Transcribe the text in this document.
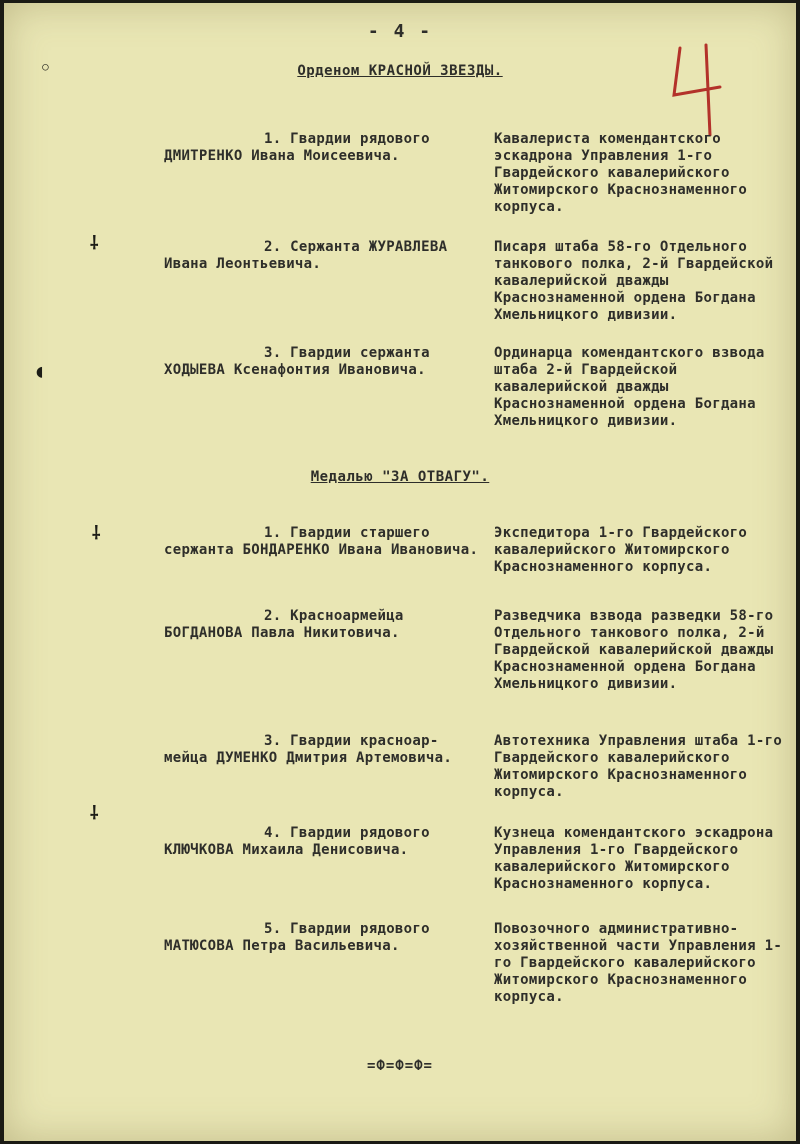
◦
⸸
◖
⸸
⸸
- 4 -
Орденом КРАСНОЙ ЗВЕЗДЫ.
1. Гвардии рядового
ДМИТРЕНКО Ивана Моисеевича.
Кавалериста комендантского эскадрона Управления 1-го Гвардейского кавалерийского Житомирского Краснознаменного корпуса.
2. Сержанта ЖУРАВЛЕВА
Ивана Леонтьевича.
Писаря штаба 58-го Отдельного танкового полка, 2-й Гвардейской кавалерийской дважды Краснознаменной ордена Богдана Хмельницкого дивизии.
3. Гвардии сержанта
ХОДЫЕВА Ксенафонтия Ивановича.
Ординарца комендантского взвода штаба 2-й Гвардейской кавалерийской дважды Краснознаменной ордена Богдана Хмельницкого дивизии.
Медалью "ЗА ОТВАГУ".
1. Гвардии старшего
сержанта БОНДАРЕНКО Ивана Ивановича.
Экспедитора 1-го Гвардейского кавалерийского Житомирского Краснознаменного корпуса.
2. Красноармейца
БОГДАНОВА Павла Никитовича.
Разведчика взвода разведки 58-го Отдельного танкового полка, 2-й Гвардейской кавалерийской дважды Краснознаменной ордена Богдана Хмельницкого дивизии.
3. Гвардии красноар-
мейца ДУМЕНКО Дмитрия Артемовича.
Автотехника Управления штаба 1-го Гвардейского кавалерийского Житомирского Краснознаменного корпуса.
4. Гвардии рядового
КЛЮЧКОВА Михаила Денисовича.
Кузнеца комендантского эскадрона Управления 1-го Гвардейского кавалерийского Житомирского Краснознаменного корпуса.
5. Гвардии рядового
МАТЮСОВА Петра Васильевича.
Повозочного административно-хозяйственной части Управления 1-го Гвардейского кавалерийского Житомирского Краснознаменного корпуса.
=Ф=Ф=Ф=
